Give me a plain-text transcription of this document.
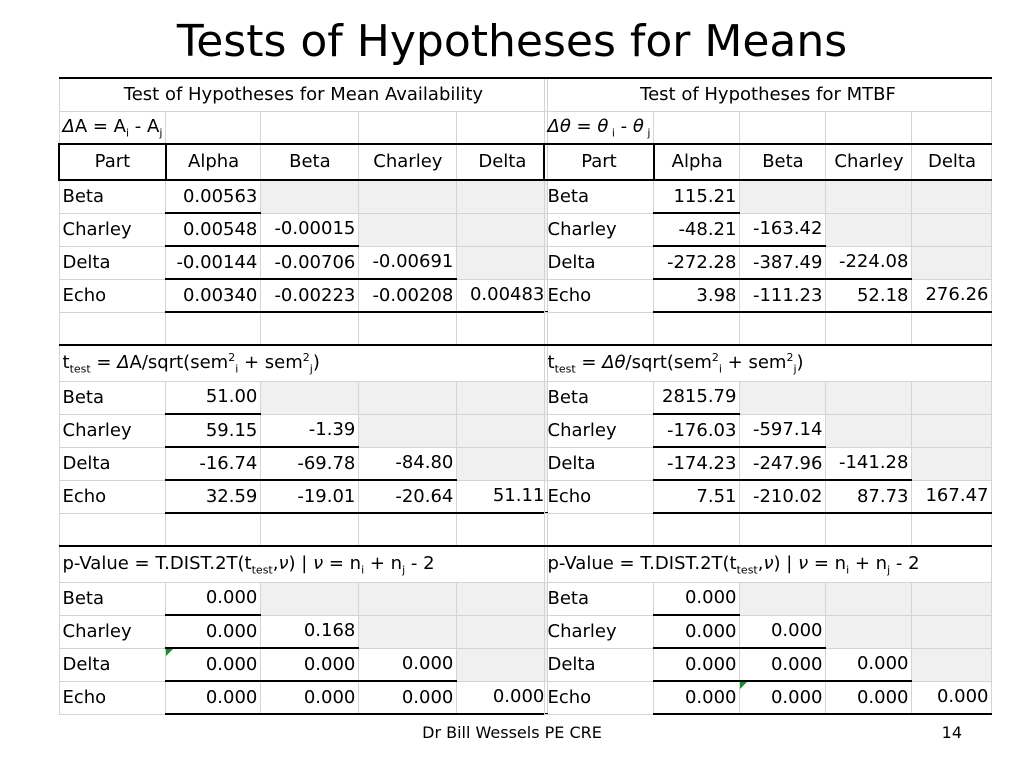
Tests of Hypotheses for Means
Test of Hypotheses for Mean Availability				
$\Delta A = A_i - A_j$				
Part	Alpha	Beta	Charley	Delta
Beta	0.00563			
Charley	0.00548	-0.00015		
Delta	-0.00144	-0.00706	-0.00691	
Echo	0.00340	-0.00223	-0.00208	0.00483

$t_{test}$ = ΔA/sqrt(sem$^2_i$ + sem$^2_j$)				
Beta	51.00			
Charley	59.15	-1.39		
Delta	-16.74	-69.78	-84.80	
Echo	32.59	-19.01	-20.64	51.11

p-Value = $T.DIST.2T(t_{test},\nu)$ | $\nu = n_i + n_j - 2$				
Beta	0.000			
Charley	0.000	0.168		
Delta	0.000	0.000	0.000	
Echo	0.000	0.000	0.000	0.000
Test of Hypotheses for MTBF				
Δθ = θ $_i$ - θ $_j$				
Part	Alpha	Beta	Charley	Delta
Beta	115.21			
Charley	-48.21	-163.42		
Delta	-272.28	-387.49	-224.08	
Echo	3.98	-111.23	52.18	276.26

$t_{test}$ = Δθ/sqrt(sem$^2_i$ + sem$^2_j$)				
Beta	2815.79			
Charley	-176.03	-597.14		
Delta	-174.23	-247.96	-141.28	
Echo	7.51	-210.02	87.73	167.47

p-Value = $T.DIST.2T(t_{test},\nu)$ | $\nu = n_i + n_j - 2$				
Beta	0.000			
Charley	0.000	0.000		
Delta	0.000	0.000	0.000	
Echo	0.000	0.000	0.000	0.000
Dr Bill Wessels PE CRE	14
